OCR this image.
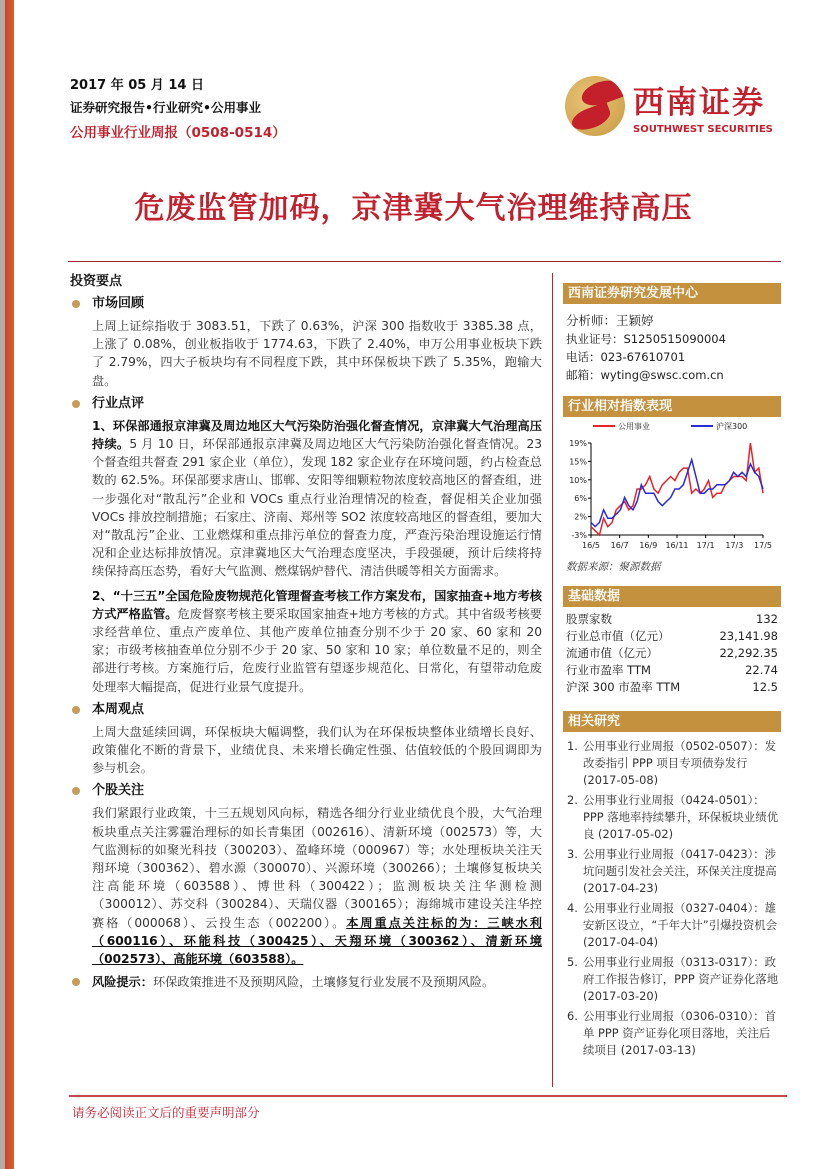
2017 年 05 月 14 日
证券研究报告•行业研究•公用事业
公用事业行业周报（0508-0514）
西南证券
SOUTHWEST SECURITIES
危废监管加码，京津冀大气治理维持高压
投资要点
市场回顾

上周上证综指收于 3083.51，下跌了 0.63%，沪深 300 指数收于 3385.38 点，上涨了 0.08%，创业板指收于 1774.63，下跌了 2.40%，申万公用事业板块下跌了 2.79%，四大子板块均有不同程度下跌，其中环保板块下跌了 5.35%，跑输大盘。

行业点评

1、环保部通报京津冀及周边地区大气污染防治强化督查情况，京津冀大气治理高压持续。5 月 10 日，环保部通报京津冀及周边地区大气污染防治强化督查情况。23 个督查组共督查 291 家企业（单位），发现 182 家企业存在环境问题，约占检查总数的 62.5%。环保部要求唐山、邯郸、安阳等细颗粒物浓度较高地区的督查组，进一步强化对“散乱污”企业和 VOCs 重点行业治理情况的检查，督促相关企业加强 VOCs 排放控制措施；石家庄、济南、郑州等 SO2 浓度较高地区的督查组，要加大对“散乱污”企业、工业燃煤和重点排污单位的督查力度，严查污染治理设施运行情况和企业达标排放情况。京津冀地区大气治理态度坚决，手段强硬，预计后续将持续保持高压态势，看好大气监测、燃煤锅炉替代、清洁供暖等相关方面需求。

2、“十三五”全国危险废物规范化管理督查考核工作方案发布，国家抽查+地方考核方式严格监管。危废督察考核主要采取国家抽查+地方考核的方式。其中省级考核要求经营单位、重点产废单位、其他产废单位抽查分别不少于 20 家、60 家和 20 家；市级考核抽查单位分别不少于 20 家、50 家和 10 家；单位数量不足的，则全部进行考核。方案施行后，危废行业监管有望逐步规范化、日常化，有望带动危废处理率大幅提高，促进行业景气度提升。

本周观点

上周大盘延续回调，环保板块大幅调整，我们认为在环保板块整体业绩增长良好、政策催化不断的背景下，业绩优良、未来增长确定性强、估值较低的个股回调即为参与机会。

个股关注

我们紧跟行业政策，十三五规划风向标，精选各细分行业业绩优良个股，大气治理板块重点关注雾霾治理标的如长青集团（002616）、清新环境（002573）等，大气监测标的如聚光科技（300203）、盈峰环境（000967）等；水处理板块关注天翔环境（300362）、碧水源（300070）、兴源环境（300266）；土壤修复板块关注高能环境（603588）、博世科（300422）；监测板块关注华测检测（300012）、苏交科（300284）、天瑞仪器（300165）；海绵城市建设关注华控赛格（000068）、云投生态（002200）。本周重点关注标的为：三峡水利（600116）、环能科技（300425）、天翔环境（300362）、清新环境（002573）、高能环境（603588）。

风险提示：环保政策推进不及预期风险，土壤修复行业发展不及预期风险。
西南证券研究发展中心
分析师：王颖婷
执业证号：S1250515090004
电话：023-67610701
邮箱：wyting@swsc.com.cn
行业相对指数表现
19%
15%
10%
6%
2%
-3%
16/5 16/7 16/9 16/11 17/1 17/3 17/5
公用事业	沪深300
数据来源：聚源数据
基础数据
股票家数	132
行业总市值（亿元）	23,141.98
流通市值（亿元）	22,292.35
行业市盈率 TTM	22.74
沪深 300 市盈率 TTM	12.5
相关研究
1. 公用事业行业周报（0502-0507）：发改委指引 PPP 项目专项债券发行 (2017-05-08)
2. 公用事业行业周报（0424-0501）：PPP 落地率持续攀升，环保板块业绩优良 (2017-05-02)
3. 公用事业行业周报（0417-0423）：涉坑问题引发社会关注，环保关注度提高 (2017-04-23)
4. 公用事业行业周报（0327-0404）：雄安新区设立，“千年大计”引爆投资机会 (2017-04-04)
5. 公用事业行业周报（0313-0317）：政府工作报告修订，PPP 资产证券化落地 (2017-03-20)
6. 公用事业行业周报（0306-0310）：首单 PPP 资产证券化项目落地，关注后续项目 (2017-03-13)
请务必阅读正文后的重要声明部分
